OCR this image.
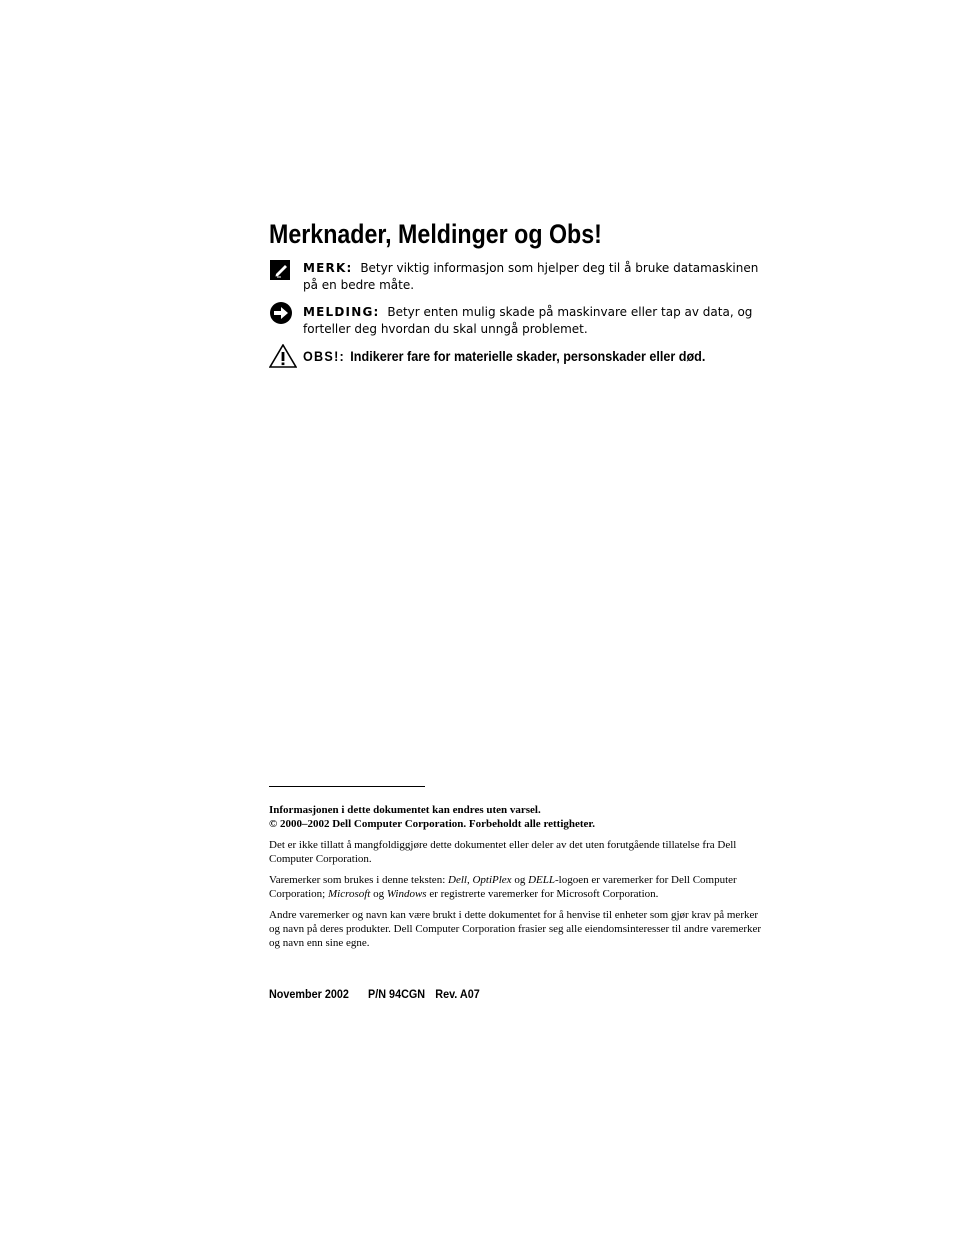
Merknader, Meldinger og Obs!
MERK: Betyr viktig informasjon som hjelper deg til å bruke datamaskinen på en bedre måte.
MELDING: Betyr enten mulig skade på maskinvare eller tap av data, og forteller deg hvordan du skal unngå problemet.
OBS!: Indikerer fare for materielle skader, personskader eller død.

Informasjonen i dette dokumentet kan endres uten varsel.
© 2000–2002 Dell Computer Corporation. Forbeholdt alle rettigheter.

Det er ikke tillatt å mangfoldiggjøre dette dokumentet eller deler av det uten forutgående tillatelse fra Dell Computer Corporation.

Varemerker som brukes i denne teksten: Dell, OptiPlex og DELL-logoen er varemerker for Dell Computer Corporation; Microsoft og Windows er registrerte varemerker for Microsoft Corporation.

Andre varemerker og navn kan være brukt i dette dokumentet for å henvise til enheter som gjør krav på merker og navn på deres produkter. Dell Computer Corporation frasier seg alle eiendomsinteresser til andre varemerker og navn enn sine egne.

November 2002 P/N 94CGN Rev. A07
